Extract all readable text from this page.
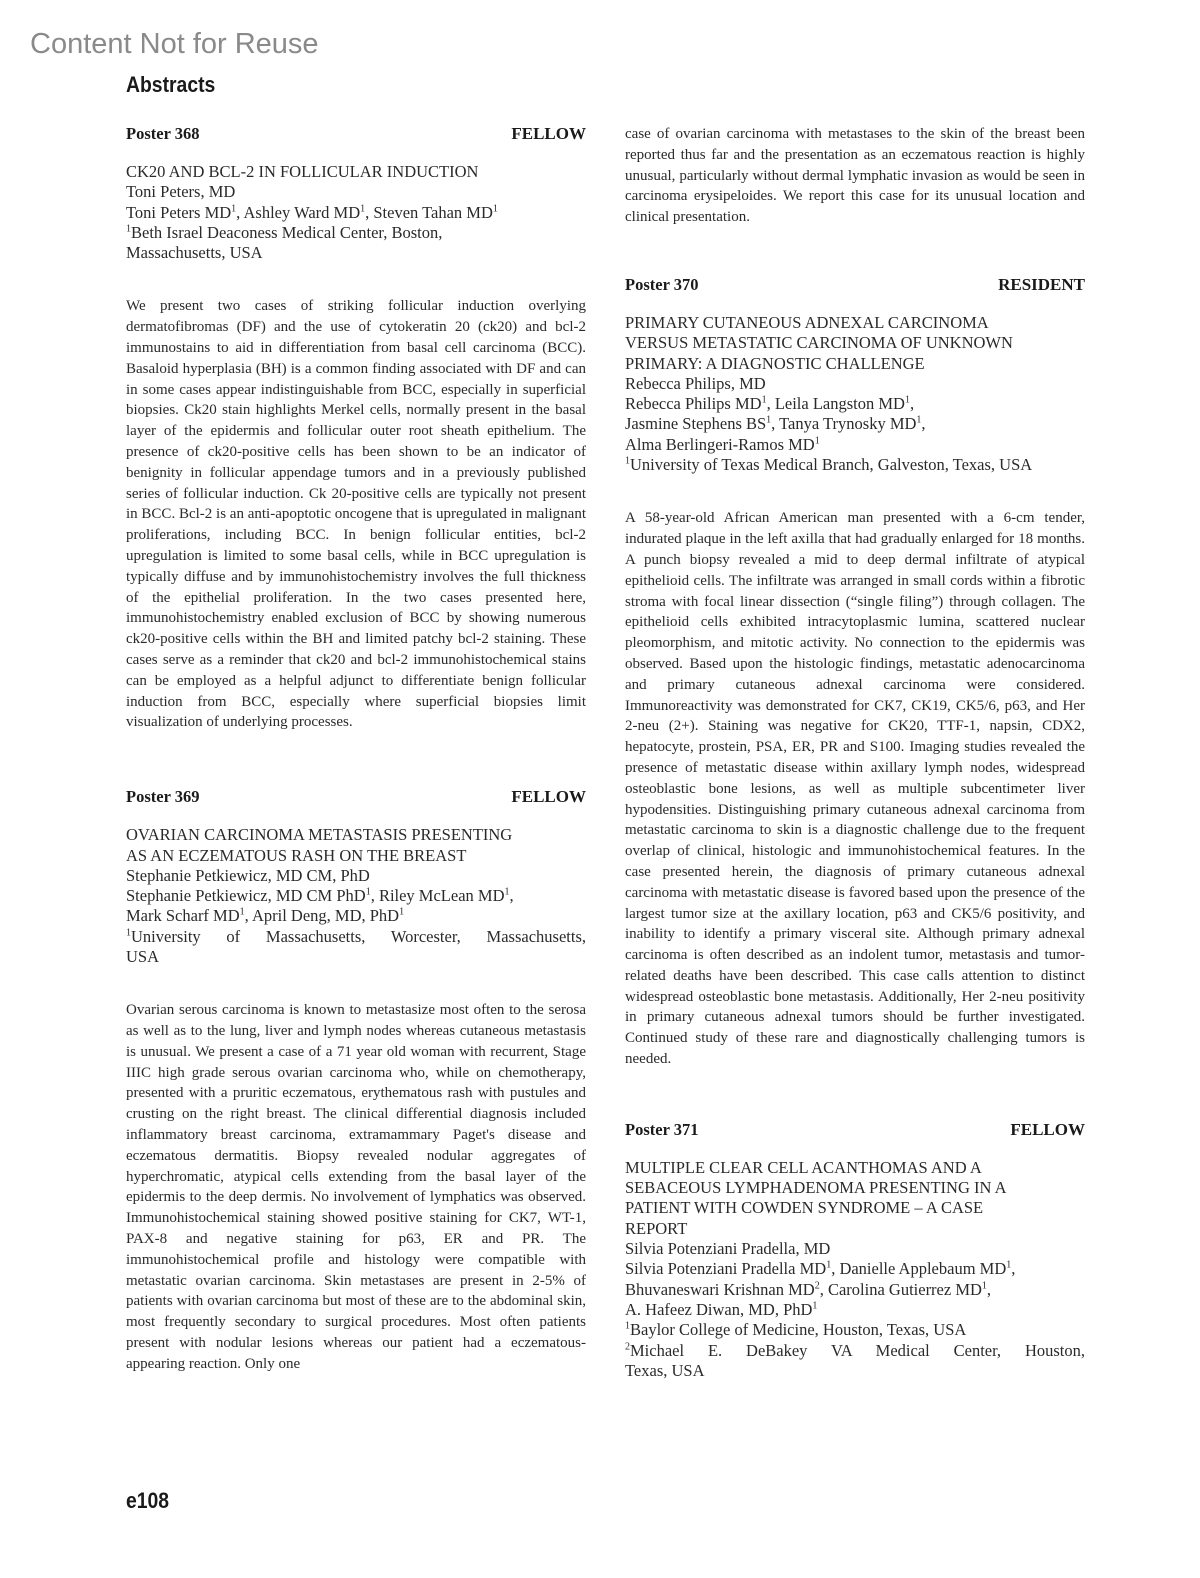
Content Not for Reuse
Abstracts
Poster 368	FELLOW
CK20 AND BCL-2 IN FOLLICULAR INDUCTION
Toni Peters, MD
Toni Peters $MD^1$, Ashley Ward $MD^1$, Steven Tahan $MD^1$
$^1$Beth Israel Deaconess Medical Center, Boston,
Massachusetts, USA

We present two cases of striking follicular induction overlying dermatofibromas (DF) and the use of cytokeratin 20 (ck20) and bcl-2 immunostains to aid in differentiation from basal cell carcinoma (BCC). Basaloid hyperplasia (BH) is a common finding associated with DF and can in some cases appear indistinguishable from BCC, especially in superficial biopsies. Ck20 stain highlights Merkel cells, normally present in the basal layer of the epidermis and follicular outer root sheath epithelium. The presence of ck20-positive cells has been shown to be an indicator of benignity in follicular appendage tumors and in a previously published series of follicular induction. Ck 20-positive cells are typically not present in BCC. Bcl-2 is an anti-apoptotic oncogene that is upregulated in malignant proliferations, including BCC. In benign follicular entities, bcl-2 upregulation is limited to some basal cells, while in BCC upregulation is typically diffuse and by immunohistochemistry involves the full thickness of the epithelial proliferation. In the two cases presented here, immunohistochemistry enabled exclusion of BCC by showing numerous ck20-positive cells within the BH and limited patchy bcl-2 staining. These cases serve as a reminder that ck20 and bcl-2 immunohistochemical stains can be employed as a helpful adjunct to differentiate benign follicular induction from BCC, especially where superficial biopsies limit visualization of underlying processes.

Poster 369	FELLOW
OVARIAN CARCINOMA METASTASIS PRESENTING
AS AN ECZEMATOUS RASH ON THE BREAST
Stephanie Petkiewicz, MD CM, PhD
Stephanie Petkiewicz, MD CM PhD$^1$, Riley McLean $MD^1$,
Mark Scharf $MD^1$, April Deng, MD, PhD$^1$
$^1$University of Massachusetts, Worcester, Massachusetts,
USA

Ovarian serous carcinoma is known to metastasize most often to the serosa as well as to the lung, liver and lymph nodes whereas cutaneous metastasis is unusual. We present a case of a 71 year old woman with recurrent, Stage IIIC high grade serous ovarian carcinoma who, while on chemotherapy, presented with a pruritic eczematous, erythematous rash with pustules and crusting on the right breast. The clinical differential diagnosis included inflammatory breast carcinoma, extramammary Paget's disease and eczematous dermatitis. Biopsy revealed nodular aggregates of hyperchromatic, atypical cells extending from the basal layer of the epidermis to the deep dermis. No involvement of lymphatics was observed. Immunohistochemical staining showed positive staining for CK7, WT-1, PAX-8 and negative staining for p63, ER and PR. The immunohistochemical profile and histology were compatible with metastatic ovarian carcinoma. Skin metastases are present in 2-5% of patients with ovarian carcinoma but most of these are to the abdominal skin, most frequently secondary to surgical procedures. Most often patients present with nodular lesions whereas our patient had a eczematous-appearing reaction. Only one

case of ovarian carcinoma with metastases to the skin of the breast been reported thus far and the presentation as an eczematous reaction is highly unusual, particularly without dermal lymphatic invasion as would be seen in carcinoma erysipeloides. We report this case for its unusual location and clinical presentation.

Poster 370	RESIDENT
PRIMARY CUTANEOUS ADNEXAL CARCINOMA
VERSUS METASTATIC CARCINOMA OF UNKNOWN
PRIMARY: A DIAGNOSTIC CHALLENGE
Rebecca Philips, MD
Rebecca Philips $MD^1$, Leila Langston $MD^1$,
Jasmine Stephens $BS^1$, Tanya Trynosky $MD^1$,
Alma Berlingeri-Ramos $MD^1$
$^1$University of Texas Medical Branch, Galveston, Texas, USA

A 58-year-old African American man presented with a 6-cm tender, indurated plaque in the left axilla that had gradually enlarged for 18 months. A punch biopsy revealed a mid to deep dermal infiltrate of atypical epithelioid cells. The infiltrate was arranged in small cords within a fibrotic stroma with focal linear dissection (“single filing”) through collagen. The epithelioid cells exhibited intracytoplasmic lumina, scattered nuclear pleomorphism, and mitotic activity. No connection to the epidermis was observed. Based upon the histologic findings, metastatic adenocarcinoma and primary cutaneous adnexal carcinoma were considered. Immunoreactivity was demonstrated for CK7, CK19, CK5/6, p63, and Her 2-neu (2+). Staining was negative for CK20, TTF-1, napsin, CDX2, hepatocyte, prostein, PSA, ER, PR and S100. Imaging studies revealed the presence of metastatic disease within axillary lymph nodes, widespread osteoblastic bone lesions, as well as multiple subcentimeter liver hypodensities. Distinguishing primary cutaneous adnexal carcinoma from metastatic carcinoma to skin is a diagnostic challenge due to the frequent overlap of clinical, histologic and immunohistochemical features. In the case presented herein, the diagnosis of primary cutaneous adnexal carcinoma with metastatic disease is favored based upon the presence of the largest tumor size at the axillary location, p63 and CK5/6 positivity, and inability to identify a primary visceral site. Although primary adnexal carcinoma is often described as an indolent tumor, metastasis and tumor-related deaths have been described. This case calls attention to distinct widespread osteoblastic bone metastasis. Additionally, Her 2-neu positivity in primary cutaneous adnexal tumors should be further investigated. Continued study of these rare and diagnostically challenging tumors is needed.

Poster 371	FELLOW
MULTIPLE CLEAR CELL ACANTHOMAS AND A
SEBACEOUS LYMPHADENOMA PRESENTING IN A
PATIENT WITH COWDEN SYNDROME – A CASE
REPORT
Silvia Potenziani Pradella, MD
Silvia Potenziani Pradella $MD^1$, Danielle Applebaum $MD^1$,
Bhuvaneswari Krishnan $MD^2$, Carolina Gutierrez $MD^1$,
A. Hafeez Diwan, MD, PhD$^1$
$^1$Baylor College of Medicine, Houston, Texas, USA
$^2$Michael E. DeBakey VA Medical Center, Houston,
Texas, USA
e108
